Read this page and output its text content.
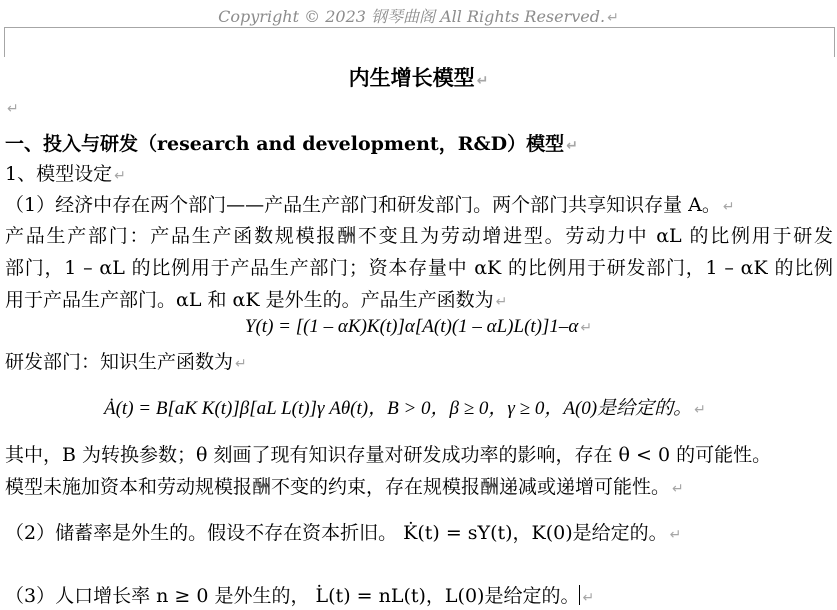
Copyright © 2023 钢琴曲阁 All Rights Reserved. ↵
内生增长模型 ↵
↵
一、投入与研发（research and development，R&D）模型 ↵
1、模型设定 ↵
（1）经济中存在两个部门——产品生产部门和研发部门。两个部门共享知识存量 A。 ↵
产品生产部门：产品生产函数规模报酬不变且为劳动增进型。劳动力中 αL 的比例用于研发
部门，1 – αL 的比例用于产品生产部门；资本存量中 αK 的比例用于研发部门，1 – αK 的比例
用于产品生产部门。αL 和 αK 是外生的。产品生产函数为 ↵
Y(t) = [(1 – αK)K(t)]α[A(t)(1 – αL)L(t)]1–α ↵
研发部门：知识生产函数为 ↵
Ȧ(t) = B[aK K(t)]β[aL L(t)]γ Aθ(t)，B > 0，β ≥ 0，γ ≥ 0，A(0)是给定的。 ↵
其中，B 为转换参数；θ 刻画了现有知识存量对研发成功率的影响，存在 θ < 0 的可能性。
模型未施加资本和劳动规模报酬不变的约束，存在规模报酬递减或递增可能性。 ↵
（2）储蓄率是外生的。假设不存在资本折旧。 K̇(t) = sY(t)，K(0)是给定的。 ↵
（3）人口增长率 n ≥ 0 是外生的， L̇(t) = nL(t)，L(0)是给定的。 ↵
